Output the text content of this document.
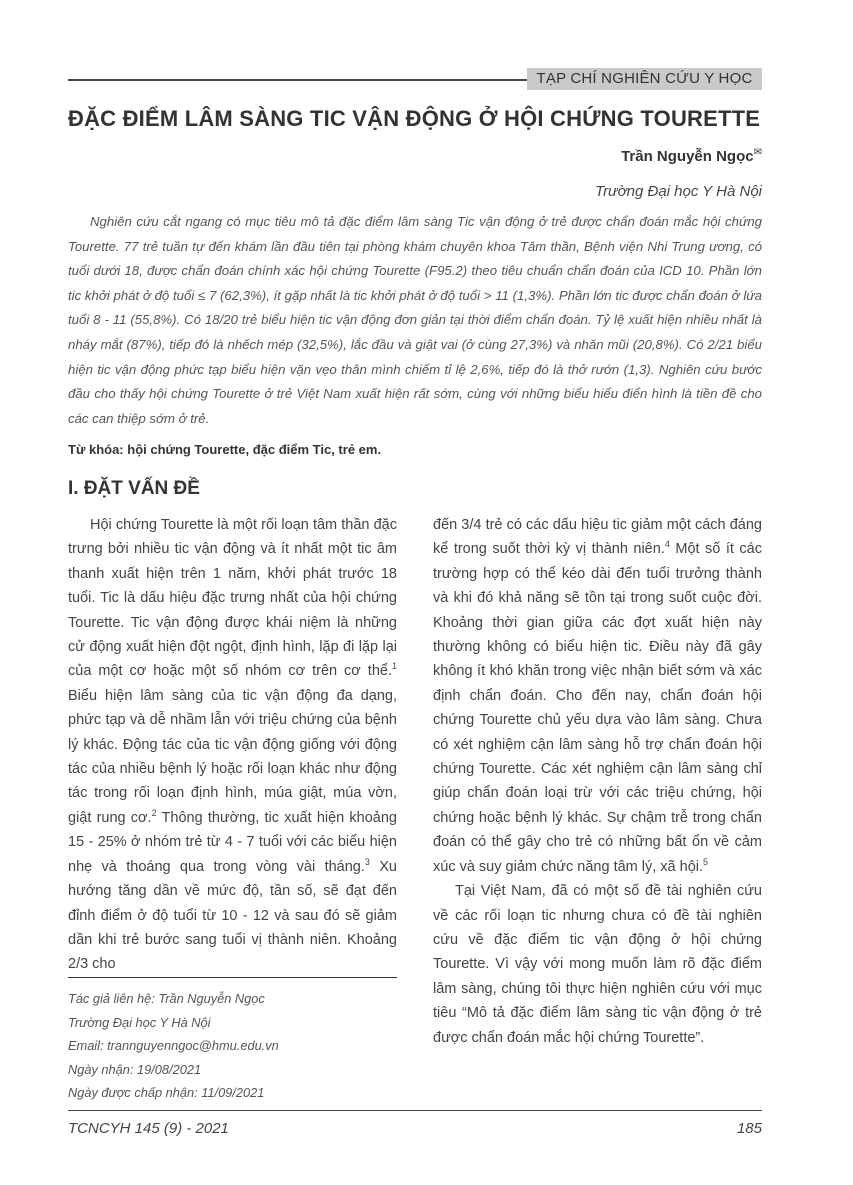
TẠP CHÍ NGHIÊN CỨU Y HỌC
ĐẶC ĐIỂM LÂM SÀNG TIC VẬN ĐỘNG Ở HỘI CHỨNG TOURETTE
Trần Nguyễn Ngọc✉
Trường Đại học Y Hà Nội

Nghiên cứu cắt ngang có mục tiêu mô tả đặc điểm lâm sàng Tic vận động ở trẻ được chẩn đoán mắc hội chứng Tourette. 77 trẻ tuần tự đến khám lần đầu tiên tại phòng khám chuyên khoa Tâm thần, Bệnh viện Nhi Trung ương, có tuổi dưới 18, được chẩn đoán chính xác hội chứng Tourette (F95.2) theo tiêu chuẩn chẩn đoán của ICD 10. Phần lớn tic khởi phát ở độ tuổi ≤ 7 (62,3%), ít gặp nhất là tic khởi phát ở độ tuổi > 11 (1,3%). Phần lớn tic được chẩn đoán ở lứa tuổi 8 - 11 (55,8%). Có 18/20 trẻ biểu hiện tic vận động đơn giản tại thời điểm chẩn đoán. Tỷ lệ xuất hiện nhiều nhất là nháy mắt (87%), tiếp đó là nhếch mép (32,5%), lắc đầu và giật vai (ở cùng 27,3%) và nhăn mũi (20,8%). Có 2/21 biểu hiện tic vận động phức tạp biểu hiện vặn vẹo thân mình chiếm tỉ lệ 2,6%, tiếp đó là thở rướn (1,3). Nghiên cứu bước đầu cho thấy hội chứng Tourette ở trẻ Việt Nam xuất hiện rất sớm, cùng với những biểu hiểu điển hình là tiền đề cho các can thiệp sớm ở trẻ.

Từ khóa: hội chứng Tourette, đặc điểm Tic, trẻ em.
I. ĐẶT VẤN ĐỀ

Hội chứng Tourette là một rối loạn tâm thần đặc trưng bởi nhiều tic vận động và ít nhất một tic âm thanh xuất hiện trên 1 năm, khởi phát trước 18 tuổi. Tic là dấu hiệu đặc trưng nhất của hội chứng Tourette. Tic vận động được khái niệm là những cử động xuất hiện đột ngột, định hình, lặp đi lặp lại của một cơ hoặc một số nhóm cơ trên cơ thể.$^1$ Biểu hiện lâm sàng của tic vận động đa dạng, phức tạp và dễ nhầm lẫn với triệu chứng của bệnh lý khác. Động tác của tic vận động giống với động tác của nhiều bệnh lý hoặc rối loạn khác như động tác trong rối loạn định hình, múa giật, múa vờn, giật rung cơ.$^2$ Thông thường, tic xuất hiện khoảng 15 - 25% ở nhóm trẻ từ 4 - 7 tuổi với các biểu hiện nhẹ và thoáng qua trong vòng vài tháng.$^3$ Xu hướng tăng dần về mức độ, tần số, sẽ đạt đến đỉnh điểm ở độ tuổi từ 10 - 12 và sau đó sẽ giảm dần khi trẻ bước sang tuổi vị thành niên. Khoảng 2/3 cho

đến 3/4 trẻ có các dấu hiệu tic giảm một cách đáng kể trong suốt thời kỳ vị thành niên.$^4$ Một số ít các trường hợp có thể kéo dài đến tuổi trưởng thành và khi đó khả năng sẽ tồn tại trong suốt cuộc đời. Khoảng thời gian giữa các đợt xuất hiện này thường không có biểu hiện tic. Điều này đã gây không ít khó khăn trong việc nhận biết sớm và xác định chẩn đoán. Cho đến nay, chẩn đoán hội chứng Tourette chủ yếu dựa vào lâm sàng. Chưa có xét nghiệm cận lâm sàng hỗ trợ chẩn đoán hội chứng Tourette. Các xét nghiệm cận lâm sàng chỉ giúp chẩn đoán loại trừ với các triệu chứng, hội chứng hoặc bệnh lý khác. Sự chậm trễ trong chẩn đoán có thể gây cho trẻ có những bất ổn về cảm xúc và suy giảm chức năng tâm lý, xã hội.$^5$

Tại Việt Nam, đã có một số đề tài nghiên cứu về các rối loạn tic nhưng chưa có đề tài nghiên cứu về đặc điểm tic vận động ở hội chứng Tourette. Vì vậy với mong muốn làm rõ đặc điểm lâm sàng, chúng tôi thực hiện nghiên cứu với mục tiêu “Mô tả đặc điểm lâm sàng tic vận động ở trẻ được chẩn đoán mắc hội chứng Tourette”.

Tác giả liên hệ: Trần Nguyễn Ngọc
Trường Đại học Y Hà Nội
Email: trannguyenngoc@hmu.edu.vn
Ngày nhận: 19/08/2021
Ngày được chấp nhận: 11/09/2021
TCNCYH 145 (9) - 2021	185
